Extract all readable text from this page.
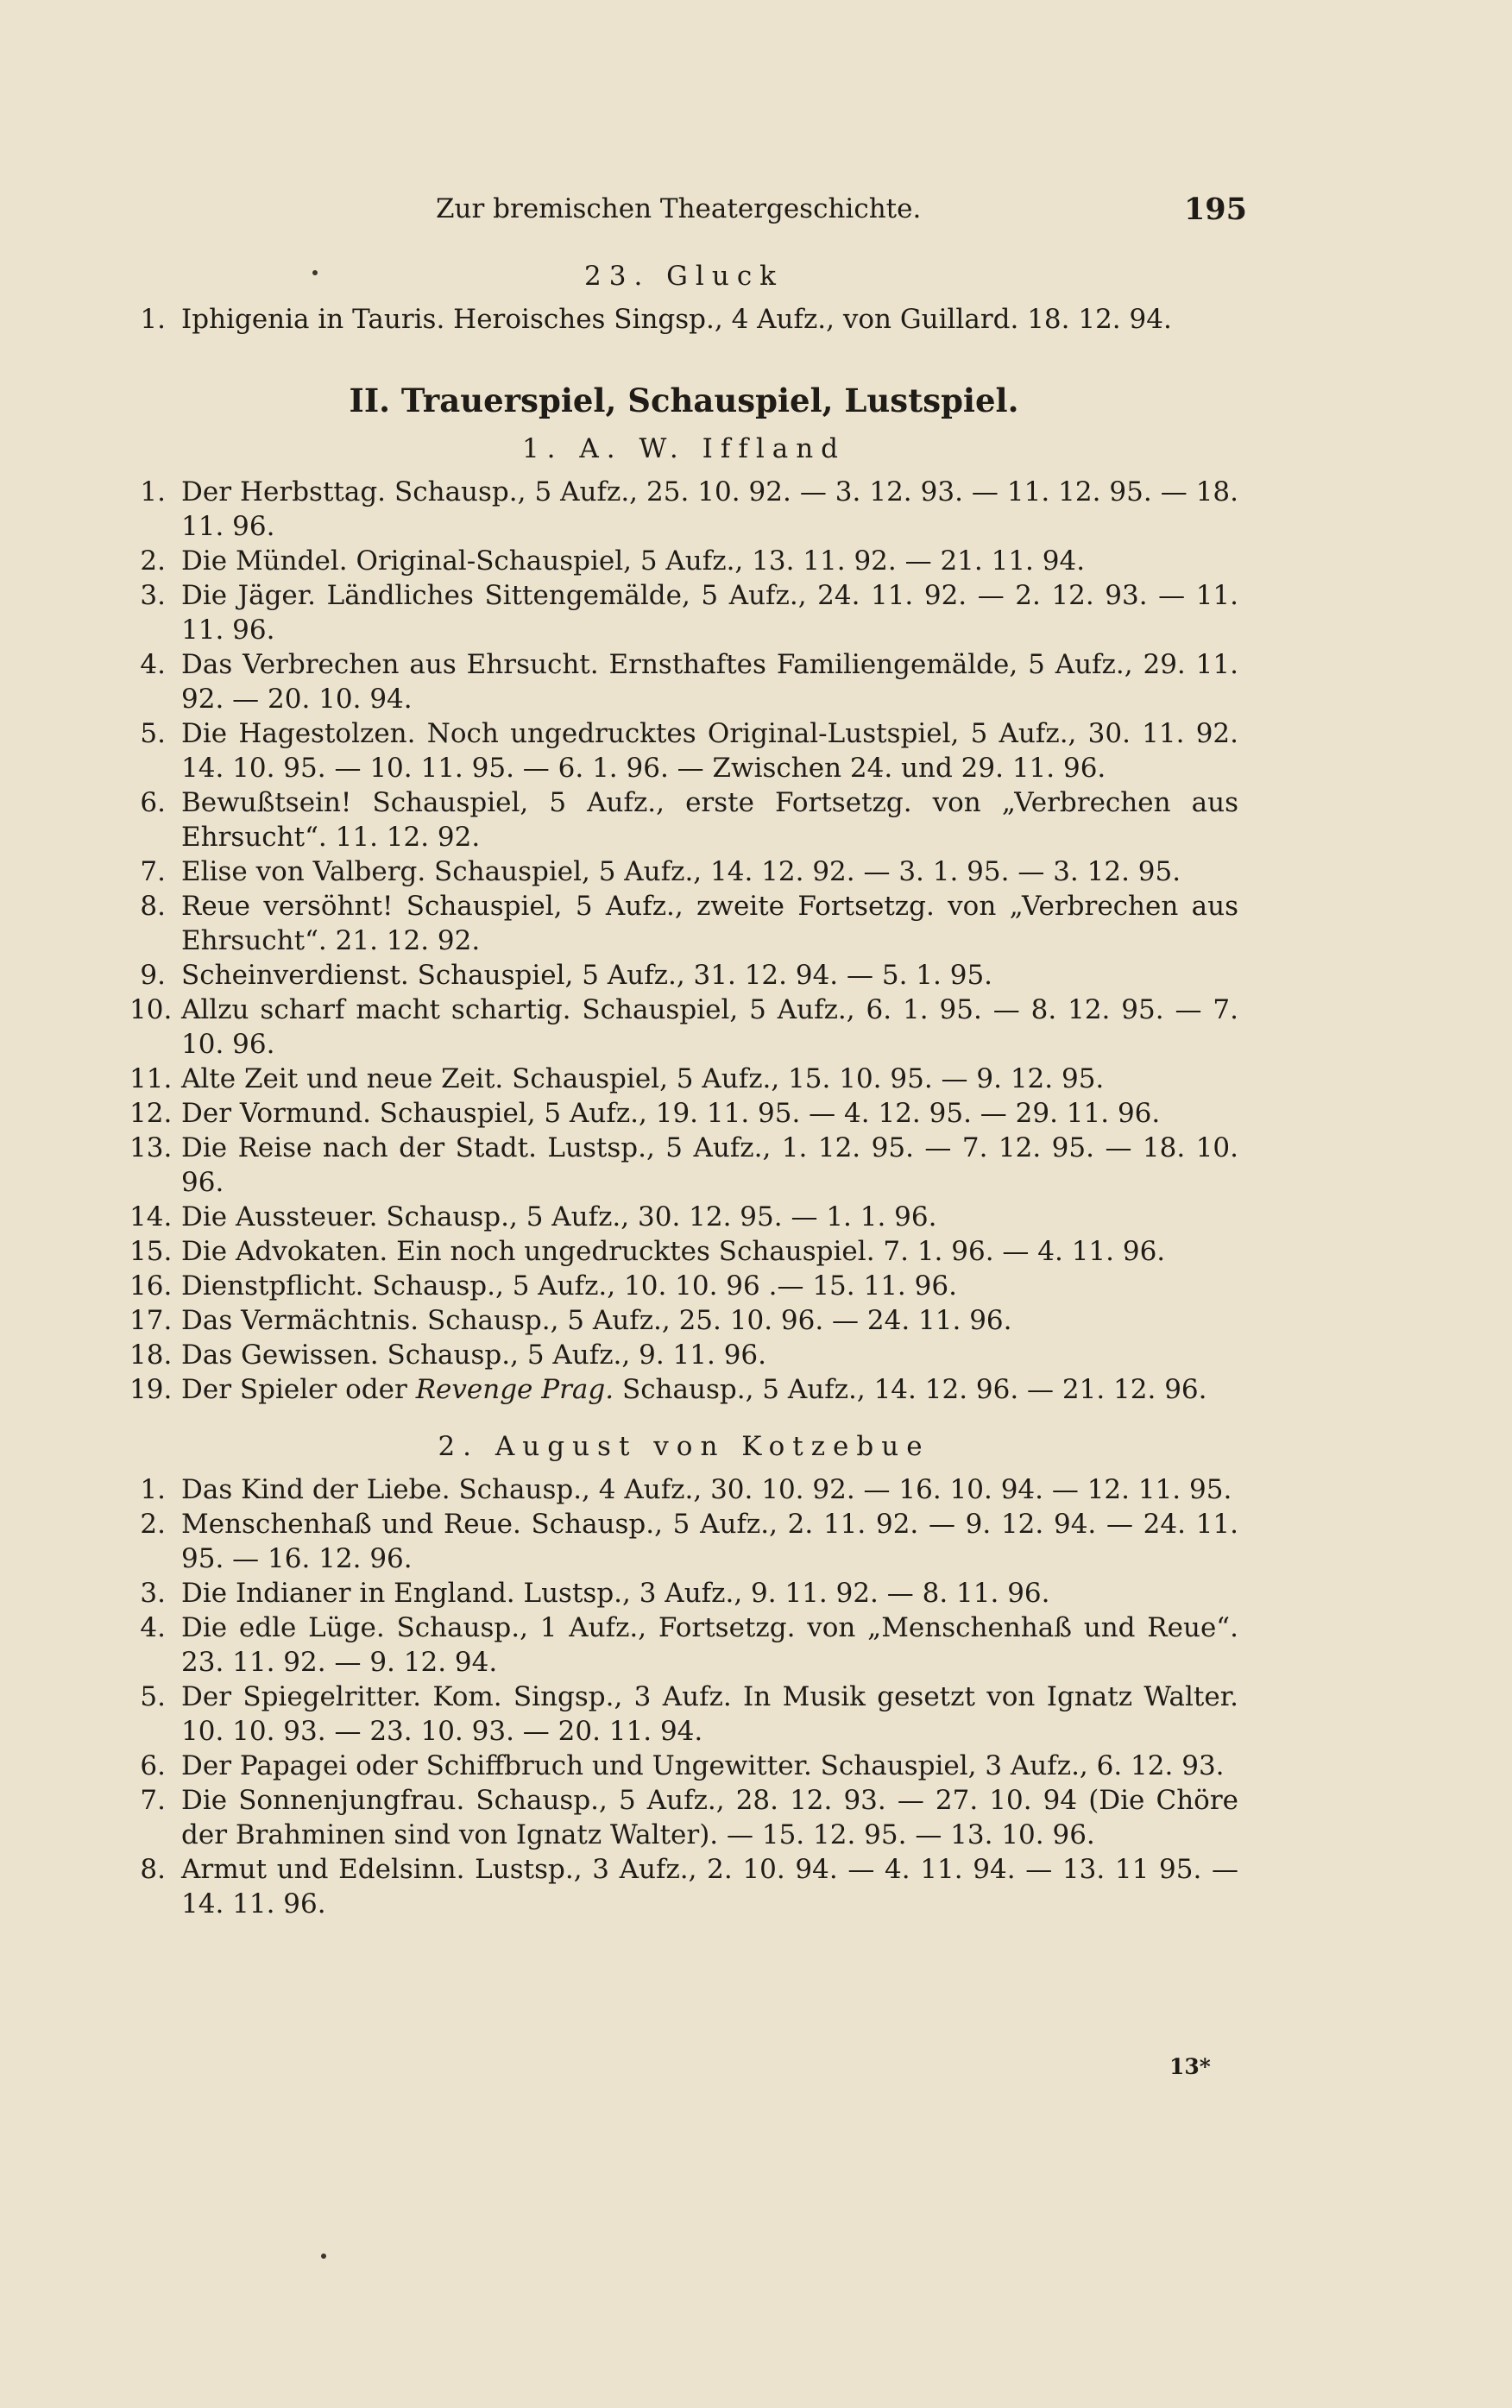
Zur bremischen Theatergeschichte.	195
23. Gluck
1. Iphigenia in Tauris. Heroisches Singsp., 4 Aufz., von Guillard. 18. 12. 94.
II. Trauerspiel, Schauspiel, Lustspiel.
1. A. W. Iffland
1. Der Herbsttag. Schausp., 5 Aufz., 25. 10. 92. — 3. 12. 93. — 11. 12. 95. — 18. 11. 96.
2. Die Mündel. Original-Schauspiel, 5 Aufz., 13. 11. 92. — 21. 11. 94.
3. Die Jäger. Ländliches Sittengemälde, 5 Aufz., 24. 11. 92. — 2. 12. 93. — 11. 11. 96.
4. Das Verbrechen aus Ehrsucht. Ernsthaftes Familiengemälde, 5 Aufz., 29. 11. 92. — 20. 10. 94.
5. Die Hagestolzen. Noch ungedrucktes Original-Lustspiel, 5 Aufz., 30. 11. 92. 14. 10. 95. — 10. 11. 95. — 6. 1. 96. — Zwischen 24. und 29. 11. 96.
6. Bewußtsein! Schauspiel, 5 Aufz., erste Fortsetzg. von „Verbrechen aus Ehrsucht“. 11. 12. 92.
7. Elise von Valberg. Schauspiel, 5 Aufz., 14. 12. 92. — 3. 1. 95. — 3. 12. 95.
8. Reue versöhnt! Schauspiel, 5 Aufz., zweite Fortsetzg. von „Verbrechen aus Ehrsucht“. 21. 12. 92.
9. Scheinverdienst. Schauspiel, 5 Aufz., 31. 12. 94. — 5. 1. 95.
10. Allzu scharf macht schartig. Schauspiel, 5 Aufz., 6. 1. 95. — 8. 12. 95. — 7. 10. 96.
11. Alte Zeit und neue Zeit. Schauspiel, 5 Aufz., 15. 10. 95. — 9. 12. 95.
12. Der Vormund. Schauspiel, 5 Aufz., 19. 11. 95. — 4. 12. 95. — 29. 11. 96.
13. Die Reise nach der Stadt. Lustsp., 5 Aufz., 1. 12. 95. — 7. 12. 95. — 18. 10. 96.
14. Die Aussteuer. Schausp., 5 Aufz., 30. 12. 95. — 1. 1. 96.
15. Die Advokaten. Ein noch ungedrucktes Schauspiel. 7. 1. 96. — 4. 11. 96.
16. Dienstpflicht. Schausp., 5 Aufz., 10. 10. 96 .— 15. 11. 96.
17. Das Vermächtnis. Schausp., 5 Aufz., 25. 10. 96. — 24. 11. 96.
18. Das Gewissen. Schausp., 5 Aufz., 9. 11. 96.
19. Der Spieler oder Revenge Prag. Schausp., 5 Aufz., 14. 12. 96. — 21. 12. 96.
2. August von Kotzebue
1. Das Kind der Liebe. Schausp., 4 Aufz., 30. 10. 92. — 16. 10. 94. — 12. 11. 95.
2. Menschenhaß und Reue. Schausp., 5 Aufz., 2. 11. 92. — 9. 12. 94. — 24. 11. 95. — 16. 12. 96.
3. Die Indianer in England. Lustsp., 3 Aufz., 9. 11. 92. — 8. 11. 96.
4. Die edle Lüge. Schausp., 1 Aufz., Fortsetzg. von „Menschenhaß und Reue“. 23. 11. 92. — 9. 12. 94.
5. Der Spiegelritter. Kom. Singsp., 3 Aufz. In Musik gesetzt von Ignatz Walter. 10. 10. 93. — 23. 10. 93. — 20. 11. 94.
6. Der Papagei oder Schiffbruch und Ungewitter. Schauspiel, 3 Aufz., 6. 12. 93.
7. Die Sonnenjungfrau. Schausp., 5 Aufz., 28. 12. 93. — 27. 10. 94 (Die Chöre der Brahminen sind von Ignatz Walter). — 15. 12. 95. — 13. 10. 96.
8. Armut und Edelsinn. Lustsp., 3 Aufz., 2. 10. 94. — 4. 11. 94. — 13. 11 95. — 14. 11. 96.
13*
